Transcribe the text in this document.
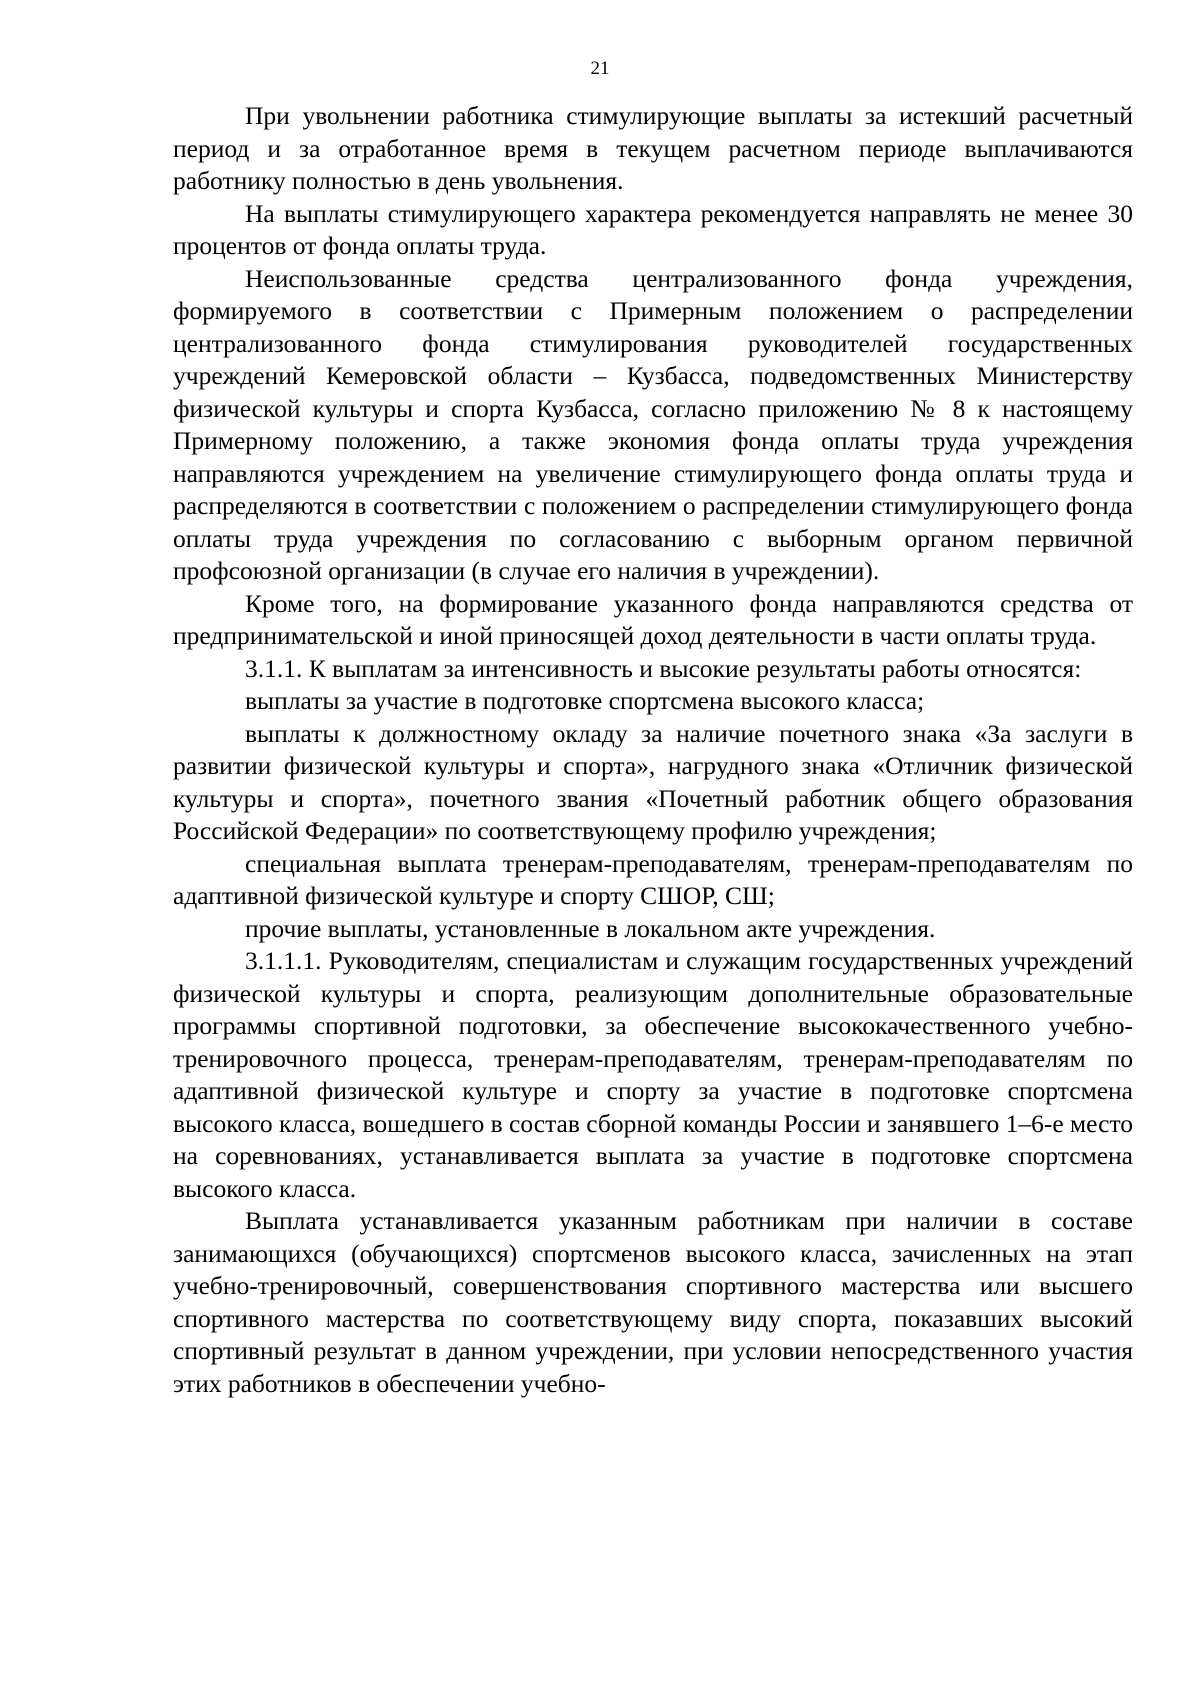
21

При увольнении работника стимулирующие выплаты за истекший расчетный период и за отработанное время в текущем расчетном периоде выплачиваются работнику полностью в день увольнения.

На выплаты стимулирующего характера рекомендуется направлять не менее 30 процентов от фонда оплаты труда.

Неиспользованные средства централизованного фонда учреждения, формируемого в соответствии с Примерным положением о распределении централизованного фонда стимулирования руководителей государственных учреждений Кемеровской области – Кузбасса, подведомственных Министерству физической культуры и спорта Кузбасса, согласно приложению № 8 к настоящему Примерному положению, а также экономия фонда оплаты труда учреждения направляются учреждением на увеличение стимулирующего фонда оплаты труда и распределяются в соответствии с положением о распределении стимулирующего фонда оплаты труда учреждения по согласованию с выборным органом первичной профсоюзной организации (в случае его наличия в учреждении).

Кроме того, на формирование указанного фонда направляются средства от предпринимательской и иной приносящей доход деятельности в части оплаты труда.

3.1.1. К выплатам за интенсивность и высокие результаты работы относятся:

выплаты за участие в подготовке спортсмена высокого класса;

выплаты к должностному окладу за наличие почетного знака «За заслуги в развитии физической культуры и спорта», нагрудного знака «Отличник физической культуры и спорта», почетного звания «Почетный работник общего образования Российской Федерации» по соответствующему профилю учреждения;

специальная выплата тренерам-преподавателям, тренерам-преподавателям по адаптивной физической культуре и спорту СШОР, СШ;

прочие выплаты, установленные в локальном акте учреждения.

3.1.1.1. Руководителям, специалистам и служащим государственных учреждений физической культуры и спорта, реализующим дополнительные образовательные программы спортивной подготовки, за обеспечение высококачественного учебно-тренировочного процесса, тренерам-преподавателям, тренерам-преподавателям по адаптивной физической культуре и спорту за участие в подготовке спортсмена высокого класса, вошедшего в состав сборной команды России и занявшего 1–6-е место на соревнованиях, устанавливается выплата за участие в подготовке спортсмена высокого класса.

Выплата устанавливается указанным работникам при наличии в составе занимающихся (обучающихся) спортсменов высокого класса, зачисленных на этап учебно-тренировочный, совершенствования спортивного мастерства или высшего спортивного мастерства по соответствующему виду спорта, показавших высокий спортивный результат в данном учреждении, при условии непосредственного участия этих работников в обеспечении учебно-
